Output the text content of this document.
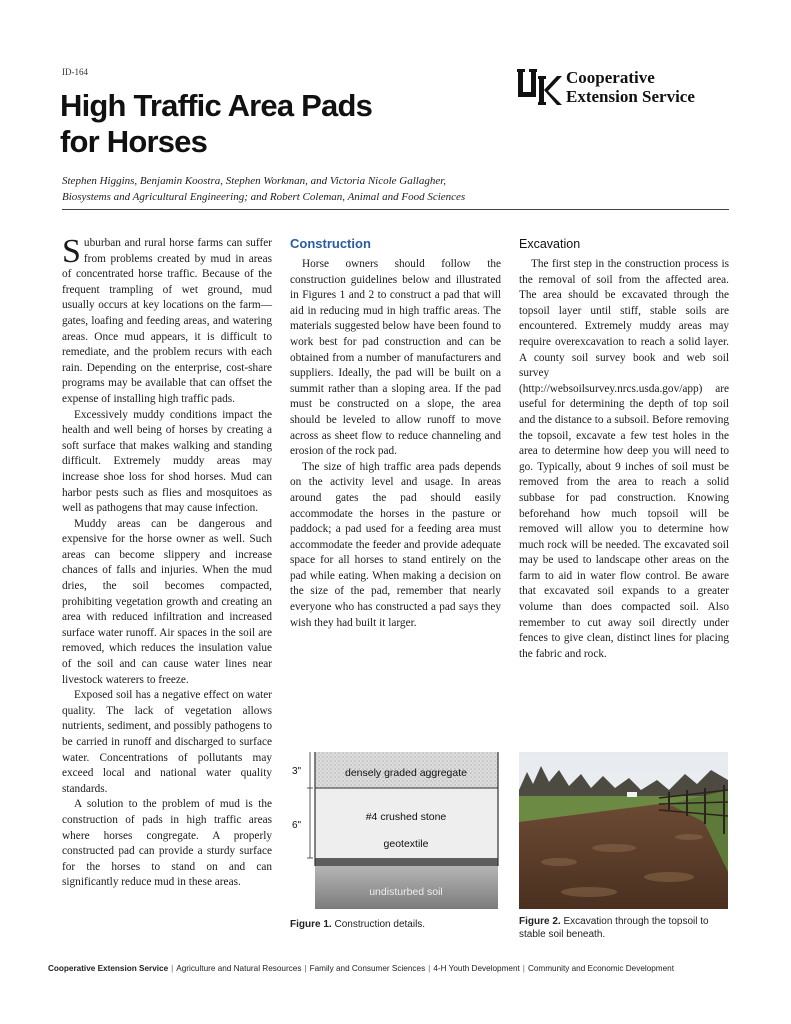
ID-164
High Traffic Area Pads
for Horses
Cooperative
Extension Service
Stephen Higgins, Benjamin Koostra, Stephen Workman, and Victoria Nicole Gallagher,
Biosystems and Agricultural Engineering; and Robert Coleman, Animal and Food Sciences

Suburban and rural horse farms can suffer from problems created by mud in areas of concentrated horse traffic. Because of the frequent trampling of wet ground, mud usually occurs at key locations on the farm—gates, loafing and feeding areas, and watering areas. Once mud appears, it is difficult to remediate, and the problem recurs with each rain. Depending on the enterprise, cost-share programs may be available that can offset the expense of installing high traffic pads.

Excessively muddy conditions impact the health and well being of horses by creating a soft surface that makes walking and standing difficult. Extremely muddy areas may increase shoe loss for shod horses. Mud can harbor pests such as flies and mosquitoes as well as pathogens that may cause infection.

Muddy areas can be dangerous and expensive for the horse owner as well. Such areas can become slippery and increase chances of falls and injuries. When the mud dries, the soil becomes compacted, prohibiting vegetation growth and creating an area with reduced infiltration and increased surface water runoff. Air spaces in the soil are removed, which reduces the insulation value of the soil and can cause water lines near livestock waterers to freeze.

Exposed soil has a negative effect on water quality. The lack of vegetation allows nutrients, sediment, and possibly pathogens to be carried in runoff and discharged to surface water. Concentrations of pollutants may exceed local and national water quality standards.

A solution to the problem of mud is the construction of pads in high traffic areas where horses congregate. A properly constructed pad can provide a sturdy surface for the horses to stand on and can significantly reduce mud in these areas.

Construction

Horse owners should follow the construction guidelines below and illustrated in Figures 1 and 2 to construct a pad that will aid in reducing mud in high traffic areas. The materials suggested below have been found to work best for pad construction and can be obtained from a number of manufacturers and suppliers. Ideally, the pad will be built on a summit rather than a sloping area. If the pad must be constructed on a slope, the area should be leveled to allow runoff to move across as sheet flow to reduce channeling and erosion of the rock pad.

The size of high traffic area pads depends on the activity level and usage. In areas around gates the pad should easily accommodate the horses in the pasture or paddock; a pad used for a feeding area must accommodate the feeder and provide adequate space for all horses to stand entirely on the pad while eating. When making a decision on the size of the pad, remember that nearly everyone who has constructed a pad says they wish they had built it larger.

Excavation

The first step in the construction process is the removal of soil from the affected area. The area should be excavated through the topsoil layer until stiff, stable soils are encountered. Extremely muddy areas may require overexcavation to reach a solid layer. A county soil survey book and web soil survey (http://websoilsurvey.nrcs.usda.gov/app) are useful for determining the depth of top soil and the distance to a subsoil. Before removing the topsoil, excavate a few test holes in the area to determine how deep you will need to go. Typically, about 9 inches of soil must be removed from the area to reach a solid subbase for pad construction. Knowing beforehand how much topsoil will be removed will allow you to determine how much rock will be needed. The excavated soil may be used to landscape other areas on the farm to aid in water flow control. Be aware that excavated soil expands to a greater volume than does compacted soil. Also remember to cut away soil directly under fences to give clean, distinct lines for placing the fabric and rock.

3"
6"
densely graded aggregate
#4 crushed stone
geotextile
undisturbed soil
Figure 1. Construction details.	Figure 2. Excavation through the topsoil to stable soil beneath.
Cooperative Extension Service | Agriculture and Natural Resources | Family and Consumer Sciences | 4-H Youth Development | Community and Economic Development
